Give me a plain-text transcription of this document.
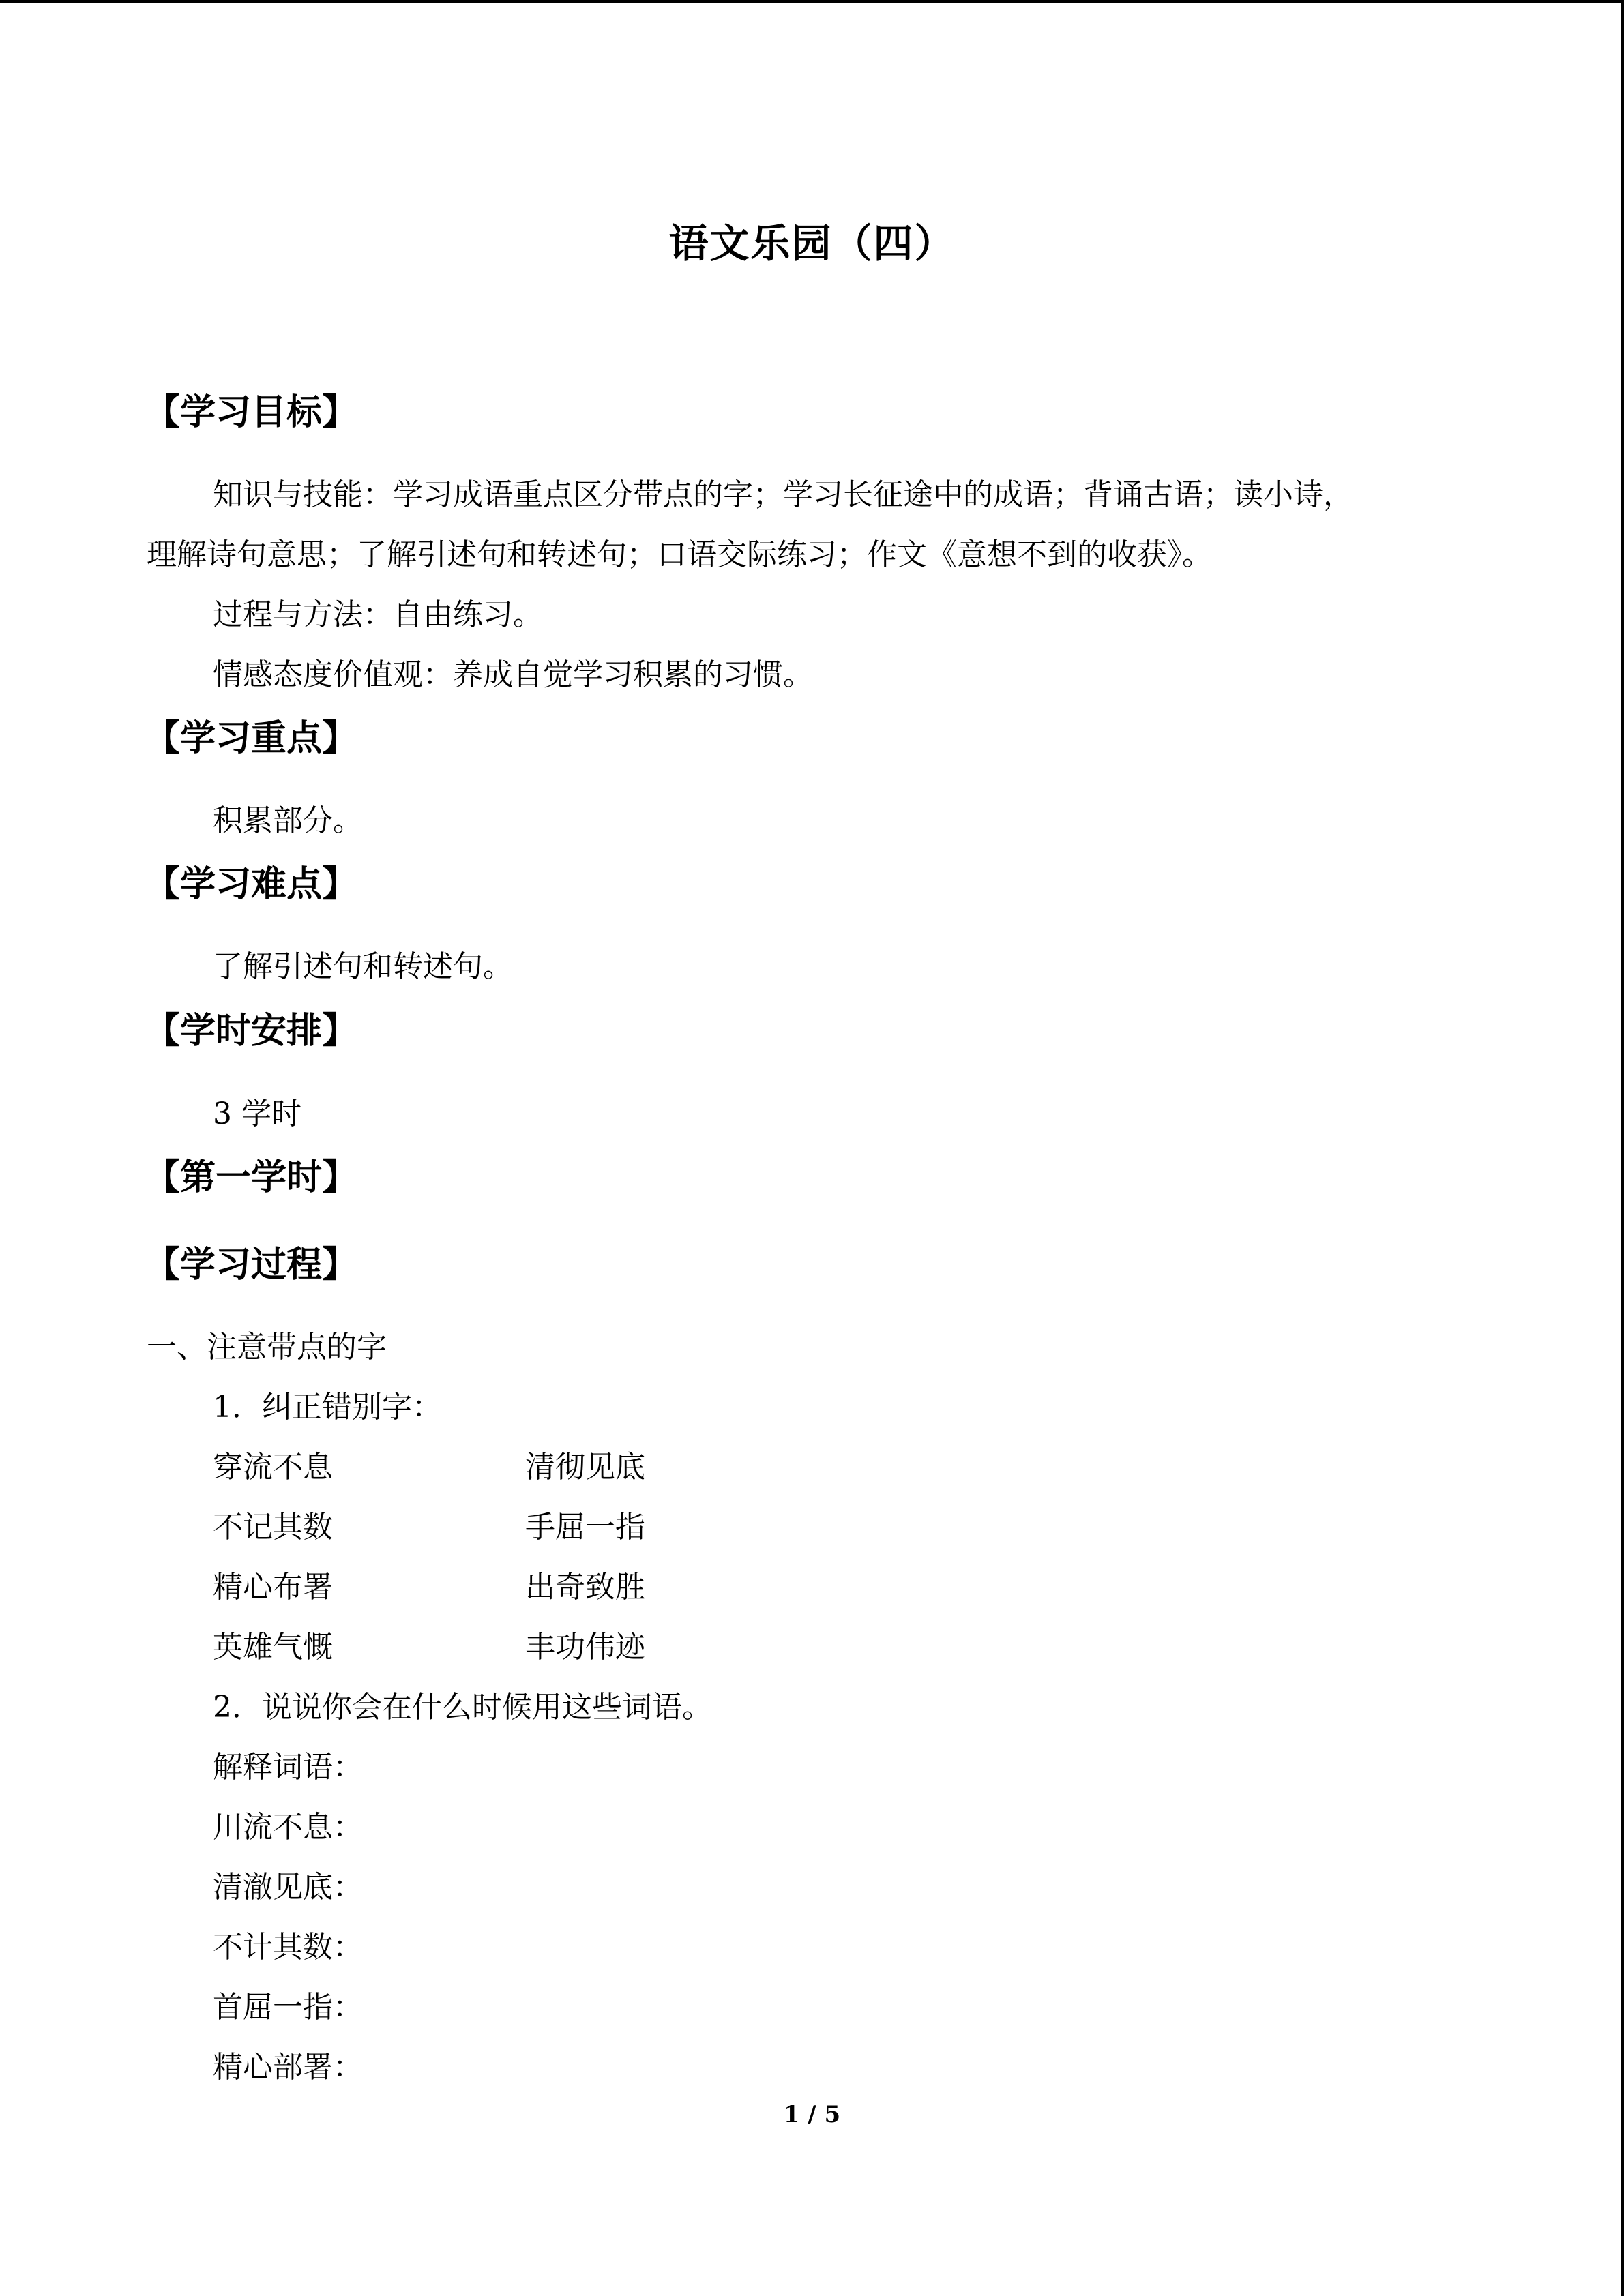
语文乐园（四）
【学习目标】
知识与技能：学习成语重点区分带点的字；学习长征途中的成语；背诵古语；读小诗，
理解诗句意思；了解引述句和转述句；口语交际练习；作文《意想不到的收获》。
过程与方法：自由练习。
情感态度价值观：养成自觉学习积累的习惯。
【学习重点】
积累部分。
【学习难点】
了解引述句和转述句。
【学时安排】
3 学时
【第一学时】
【学习过程】
一、注意带点的字
1．纠正错别字：
穿流不息	清彻见底
不记其数	手屈一指
精心布署	出奇致胜
英雄气慨	丰功伟迹
2．说说你会在什么时候用这些词语。
解释词语：
川流不息：
清澈见底：
不计其数：
首屈一指：
精心部署：
1 / 5
